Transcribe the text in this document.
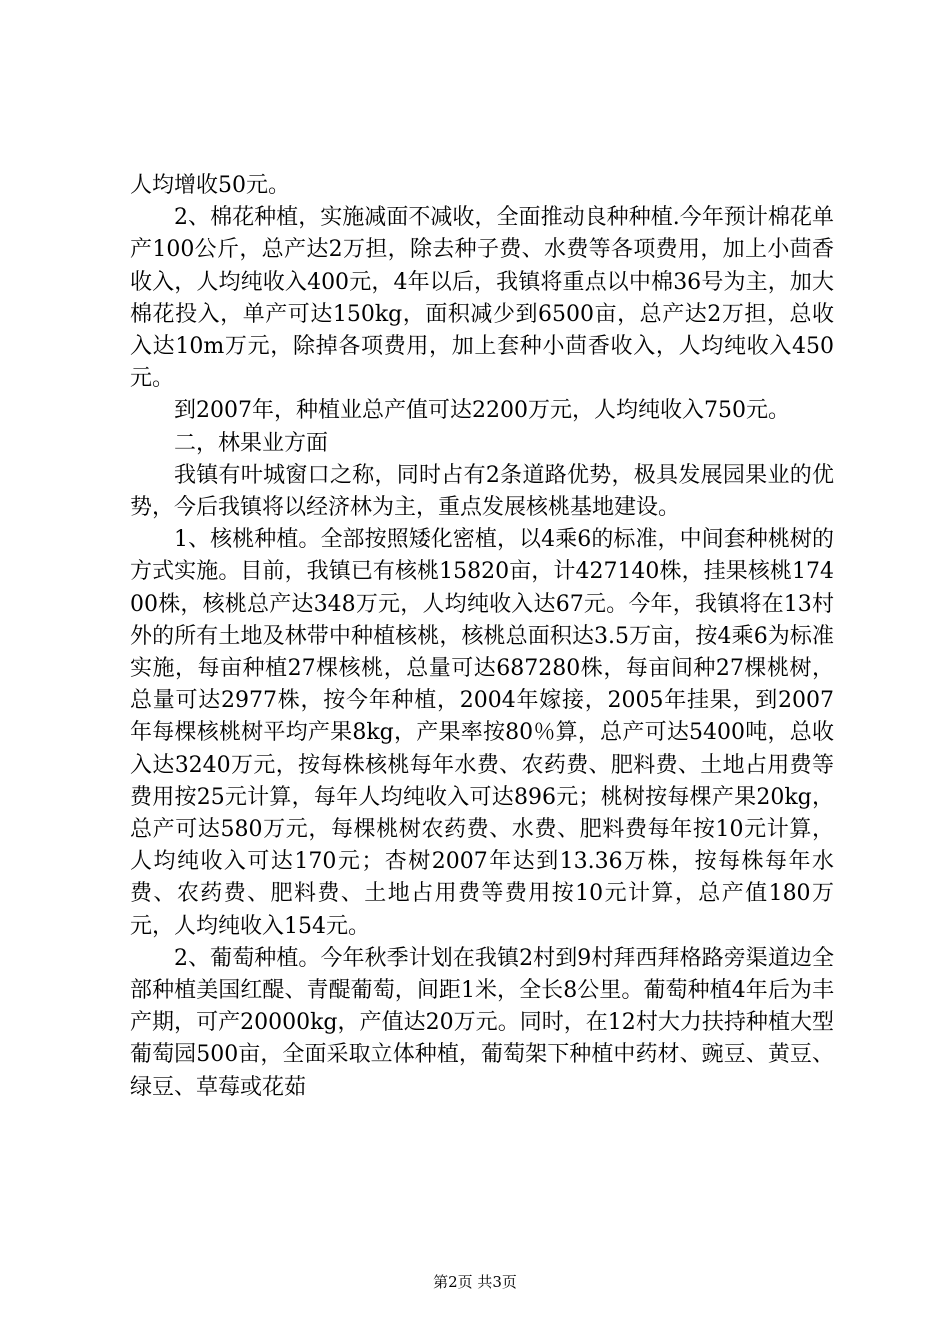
人均增收50元。

2、棉花种植，实施减面不减收，全面推动良种种植.今年预计棉花单产100公斤，总产达2万担，除去种子费、水费等各项费用，加上小茴香收入，人均纯收入400元，4年以后，我镇将重点以中棉36号为主，加大棉花投入，单产可达150kg，面积减少到6500亩，总产达2万担，总收入达10m万元，除掉各项费用，加上套种小茴香收入，人均纯收入450元。

到2007年，种植业总产值可达2200万元，人均纯收入750元。

二，林果业方面

我镇有叶城窗口之称，同时占有2条道路优势，极具发展园果业的优势，今后我镇将以经济林为主，重点发展核桃基地建设。

1、核桃种植。全部按照矮化密植，以4乘6的标准，中间套种桃树的方式实施。目前，我镇已有核桃15820亩，计427140株，挂果核桃17400株，核桃总产达348万元，人均纯收入达67元。今年，我镇将在13村外的所有土地及林带中种植核桃，核桃总面积达3.5万亩，按4乘6为标准实施，每亩种植27棵核桃，总量可达687280株，每亩间种27棵桃树，总量可达2977株，按今年种植，2004年嫁接，2005年挂果，到2007年每棵核桃树平均产果8kg，产果率按80％算，总产可达5400吨，总收入达3240万元，按每株核桃每年水费、农药费、肥料费、土地占用费等费用按25元计算，每年人均纯收入可达896元；桃树按每棵产果20kg，总产可达580万元，每棵桃树农药费、水费、肥料费每年按10元计算，人均纯收入可达170元；杏树2007年达到13.36万株，按每株每年水费、农药费、肥料费、土地占用费等费用按10元计算，总产值180万元，人均纯收入154元。

2、葡萄种植。今年秋季计划在我镇2村到9村拜西拜格路旁渠道边全部种植美国红醍、青醍葡萄，间距1米，全长8公里。葡萄种植4年后为丰产期，可产20000kg，产值达20万元。同时，在12村大力扶持种植大型葡萄园500亩，全面采取立体种植，葡萄架下种植中药材、豌豆、黄豆、绿豆、草莓或花茹

第2页 共3页
